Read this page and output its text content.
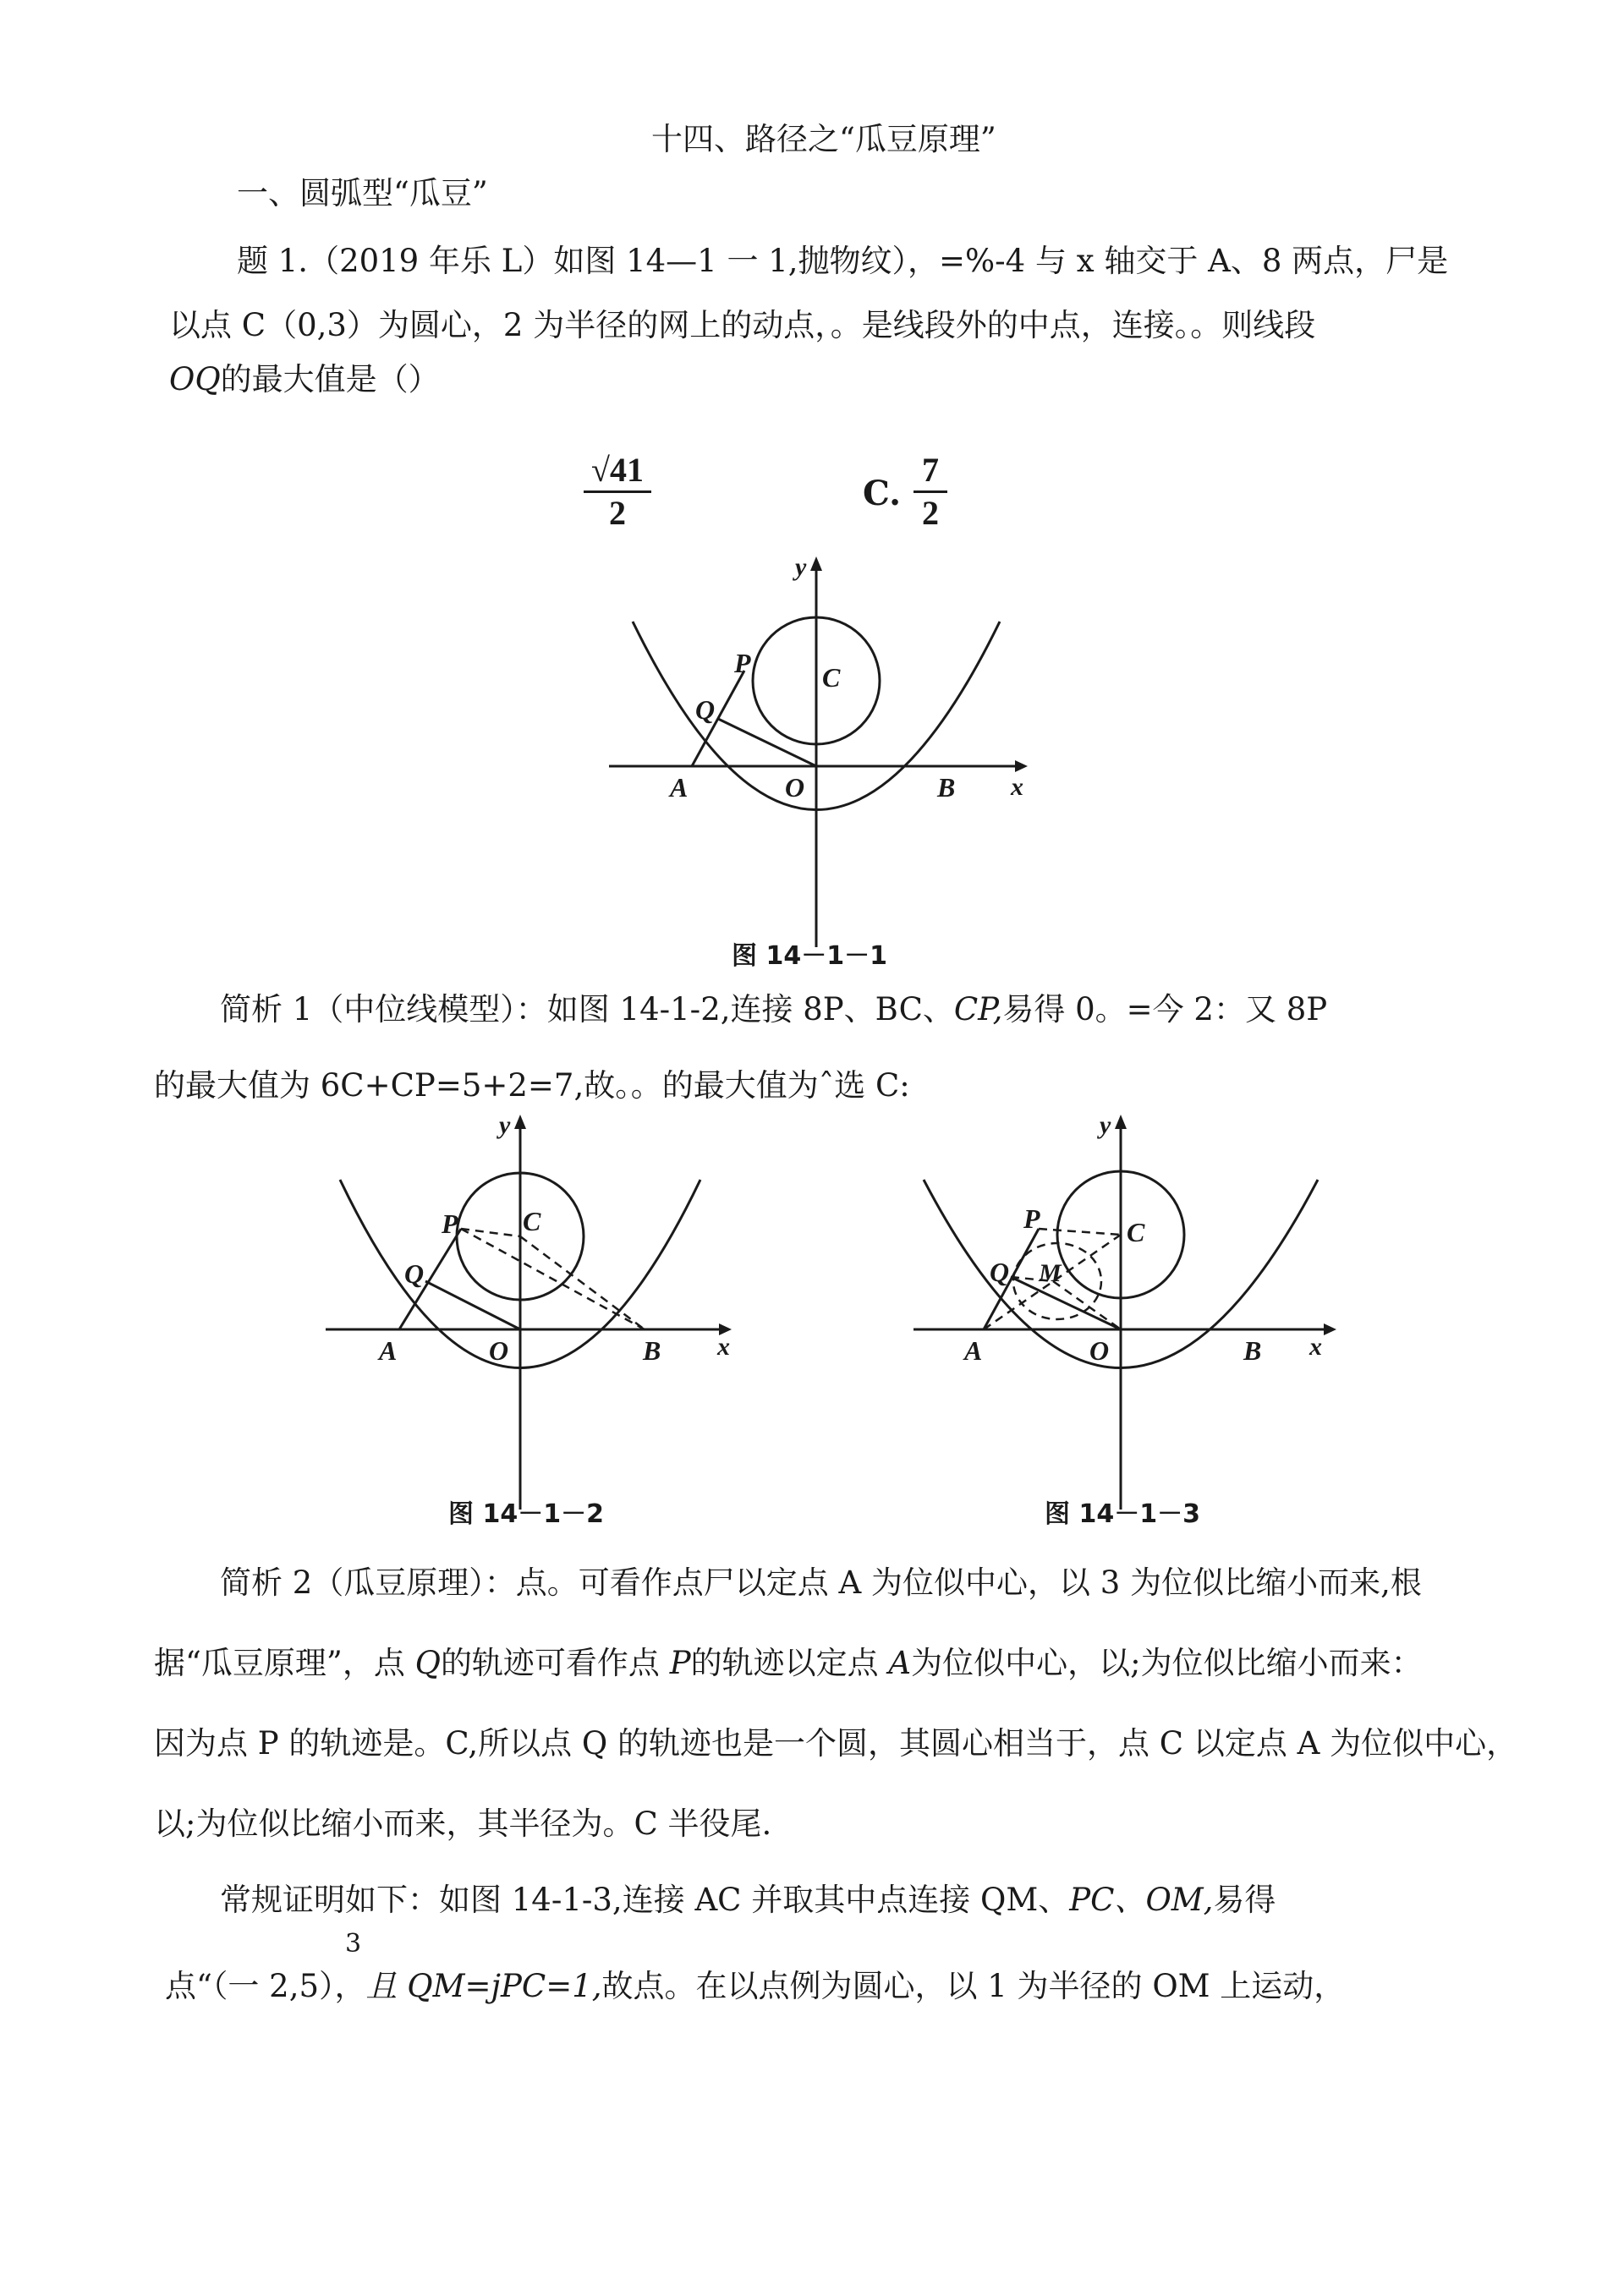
十四、路径之“瓜豆原理”
一、圆弧型“瓜豆”
题 1.（2019 年乐 L）如图 14—1 一 1,抛物纹），=%-4 与 x 轴交于 A、8 两点，尸是
以点 C（0,3）为圆心，2 为半径的网上的动点，。是线段外的中点，连接。。则线段
OQ的最大值是（）
$\frac{√41}{2}$	C. $\frac{7}{2}$
y
x
A	O	B
C
P
Q
图 14－1－1
简析 1（中位线模型）：如图 14-1-2,连接 8P、BC、CP,易得 0。=今 2：又 8P
的最大值为 6C+CP=5+2=7,故。。的最大值为ˆ选 C:
y
x
A	O	B
C
P
Q
图 14－1－2
y
x
A	O	B
C
P
Q M
图 14－1－3
简析 2（瓜豆原理）：点。可看作点尸以定点 A 为位似中心，以 3 为位似比缩小而来,根
据“瓜豆原理”，点 Q的轨迹可看作点 P的轨迹以定点 A为位似中心，以;为位似比缩小而来：
因为点 P 的轨迹是。C,所以点 Q 的轨迹也是一个圆，其圆心相当于，点 C 以定点 A 为位似中心，
以;为位似比缩小而来，其半径为。C 半役尾.
常规证明如下：如图 14-1-3,连接 AC 并取其中点连接 QM、PC、OM,易得
3
点“（一 2,5），且 QM=jPC=1,故点。在以点例为圆心，以 1 为半径的 OM 上运动，
